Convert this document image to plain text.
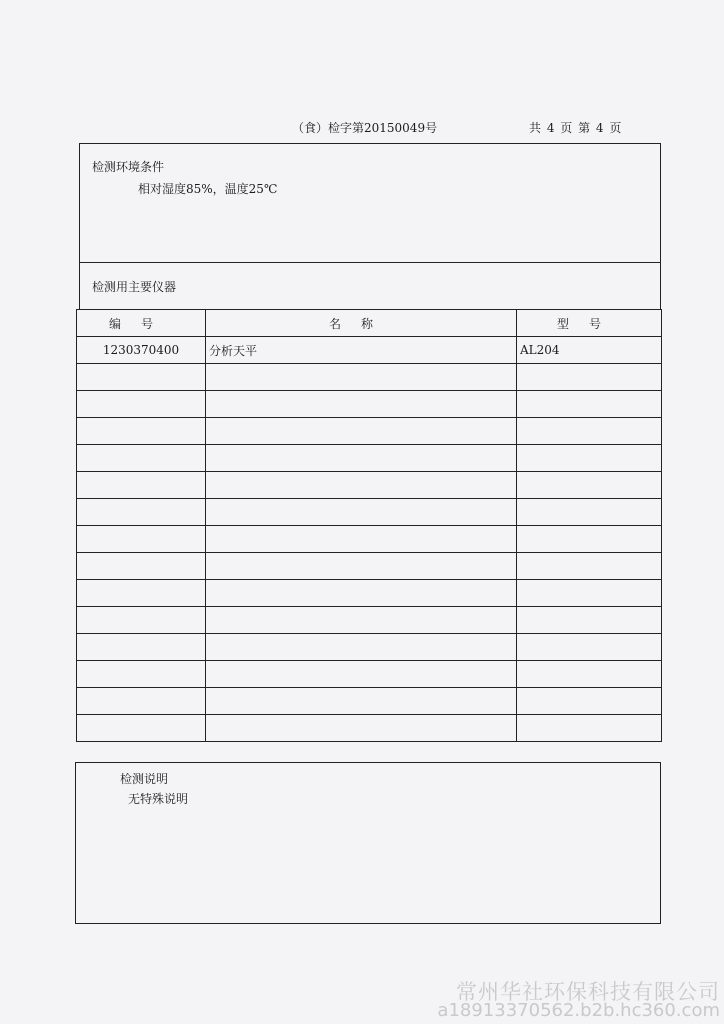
（食）检字第20150049号	共 4 页 第 4 页
检测环境条件
相对湿度85%，温度25℃
检测用主要仪器
编号	名称	型号
1230370400	分析天平	AL204

检测说明
无特殊说明
常州华社环保科技有限公司
a18913370562.b2b.hc360.com
